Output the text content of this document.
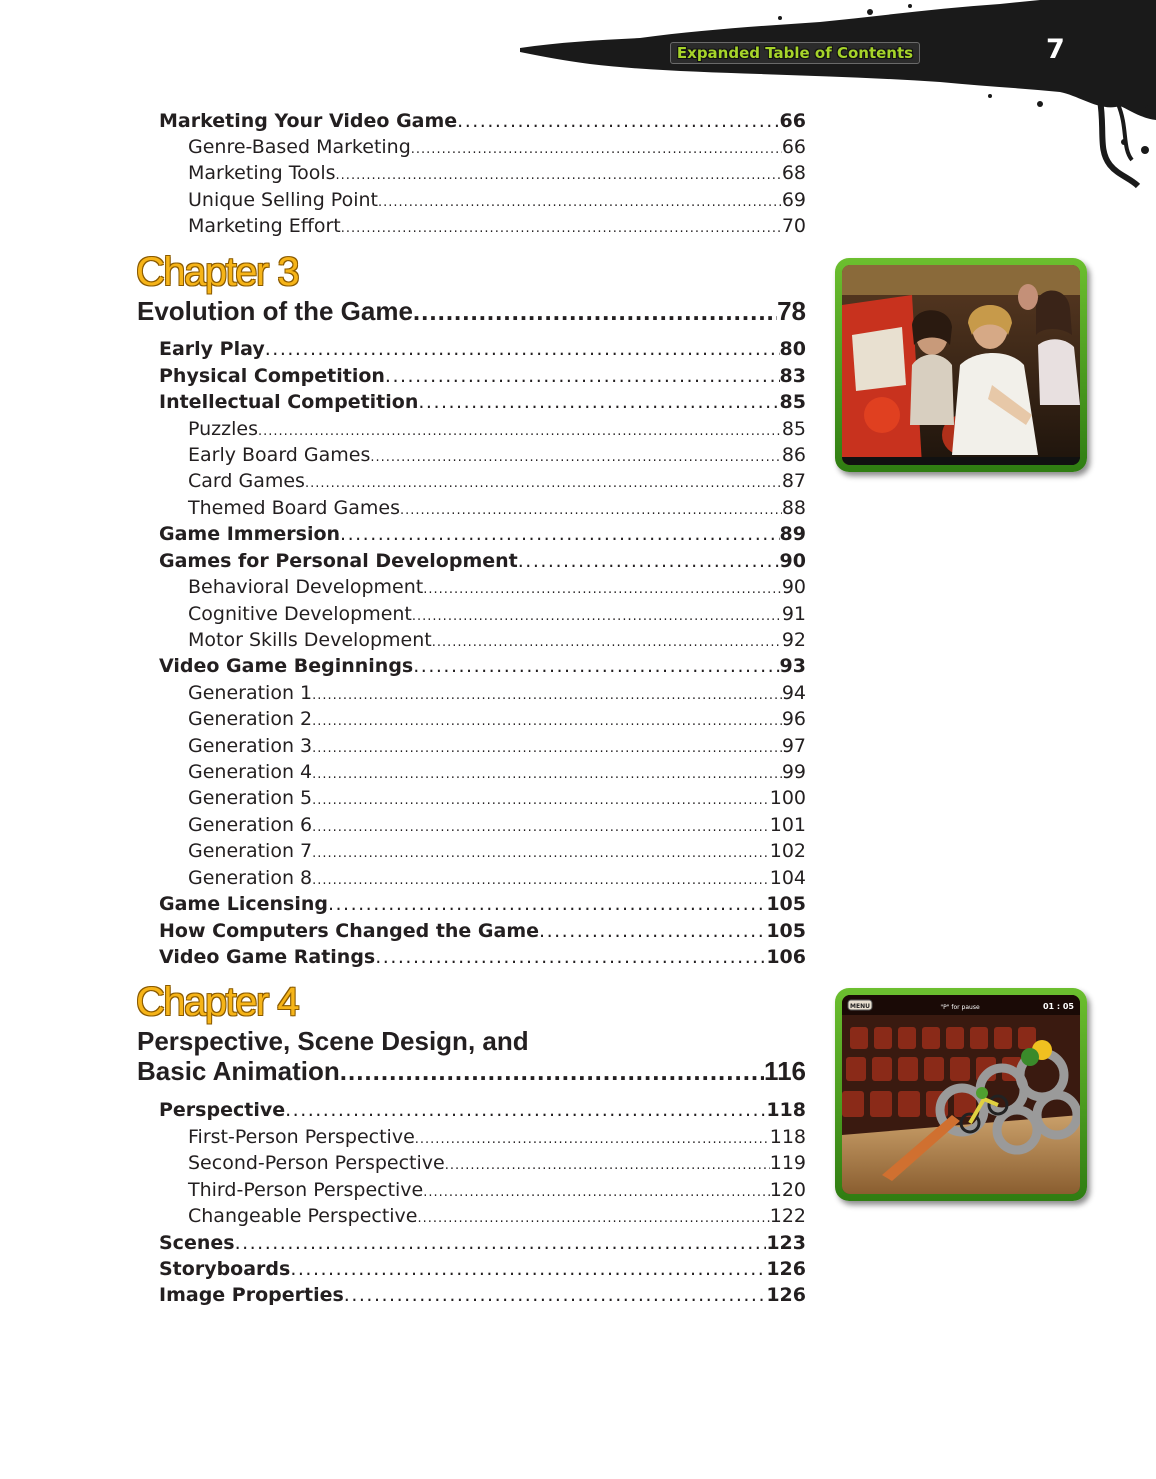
Expanded Table of Contents	7
Marketing Your Video Game .....	66
Genre-Based Marketing .....	66
Marketing Tools .....	68
Unique Selling Point .....	69
Marketing Effort .....	70
Chapter 3
Evolution of the Game .....	78
Early Play .....	80
Physical Competition .....	83
Intellectual Competition .....	85
Puzzles .....	85
Early Board Games .....	86
Card Games .....	87
Themed Board Games .....	88
Game Immersion .....	89
Games for Personal Development .....	90
Behavioral Development .....	90
Cognitive Development .....	91
Motor Skills Development .....	92
Video Game Beginnings .....	93
Generation 1 .....	94
Generation 2 .....	96
Generation 3 .....	97
Generation 4 .....	99
Generation 5 .....	100
Generation 6 .....	101
Generation 7 .....	102
Generation 8 .....	104
Game Licensing .....	105
How Computers Changed the Game .....	105
Video Game Ratings .....	106
Chapter 4
Perspective, Scene Design, and
Basic Animation .....	116
Perspective .....	118
First-Person Perspective .....	118
Second-Person Perspective .....	119
Third-Person Perspective .....	120
Changeable Perspective .....	122
Scenes .....	123
Storyboards .....	126
Image Properties .....	126
MENU	"P" for pause	01 : 05
